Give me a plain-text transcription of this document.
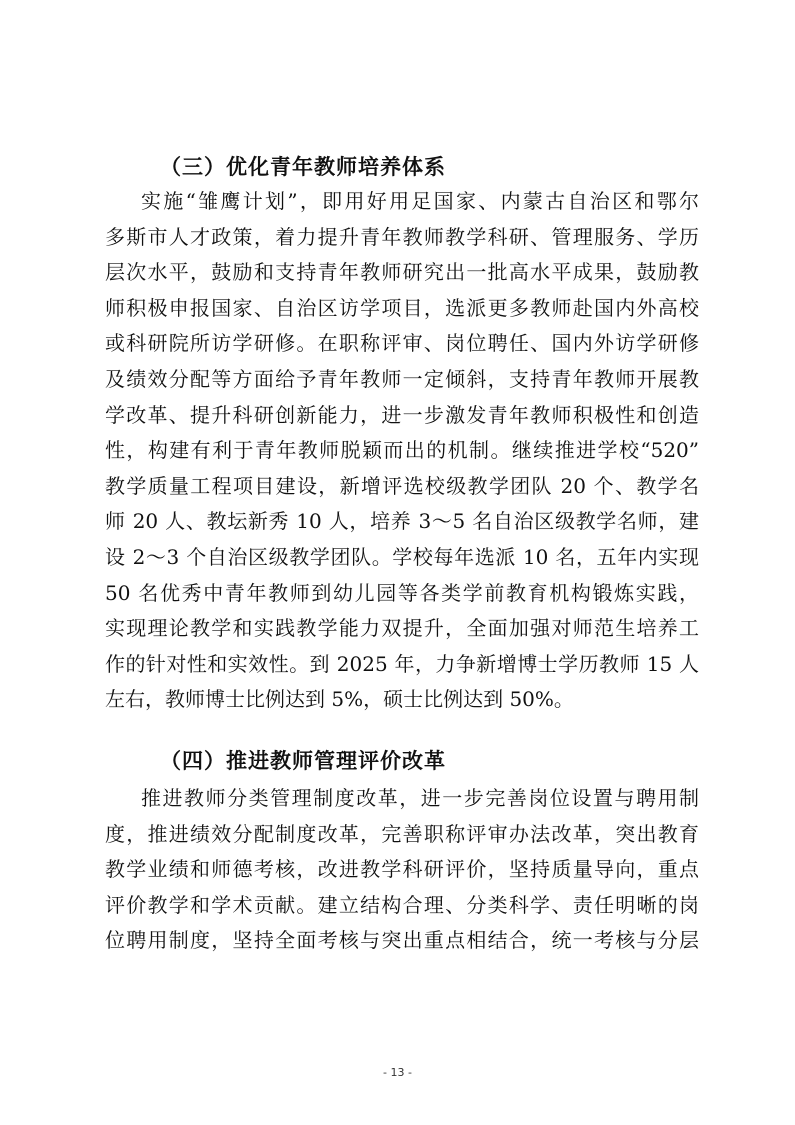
（三）优化青年教师培养体系
实施“雏鹰计划”，即用好用足国家、内蒙古自治区和鄂尔
多斯市人才政策，着力提升青年教师教学科研、管理服务、学历
层次水平，鼓励和支持青年教师研究出一批高水平成果，鼓励教
师积极申报国家、自治区访学项目，选派更多教师赴国内外高校
或科研院所访学研修。在职称评审、岗位聘任、国内外访学研修
及绩效分配等方面给予青年教师一定倾斜，支持青年教师开展教
学改革、提升科研创新能力，进一步激发青年教师积极性和创造
性，构建有利于青年教师脱颖而出的机制。继续推进学校“520”
教学质量工程项目建设，新增评选校级教学团队 20 个、教学名
师 20 人、教坛新秀 10 人，培养 3～5 名自治区级教学名师，建
设 2～3 个自治区级教学团队。学校每年选派 10 名，五年内实现
50 名优秀中青年教师到幼儿园等各类学前教育机构锻炼实践，
实现理论教学和实践教学能力双提升，全面加强对师范生培养工
作的针对性和实效性。到 2025 年，力争新增博士学历教师 15 人
左右，教师博士比例达到 5%，硕士比例达到 50%。
（四）推进教师管理评价改革
推进教师分类管理制度改革，进一步完善岗位设置与聘用制
度，推进绩效分配制度改革，完善职称评审办法改革，突出教育
教学业绩和师德考核，改进教学科研评价，坚持质量导向，重点
评价教学和学术贡献。建立结构合理、分类科学、责任明晰的岗
位聘用制度，坚持全面考核与突出重点相结合，统一考核与分层
- 13 -
